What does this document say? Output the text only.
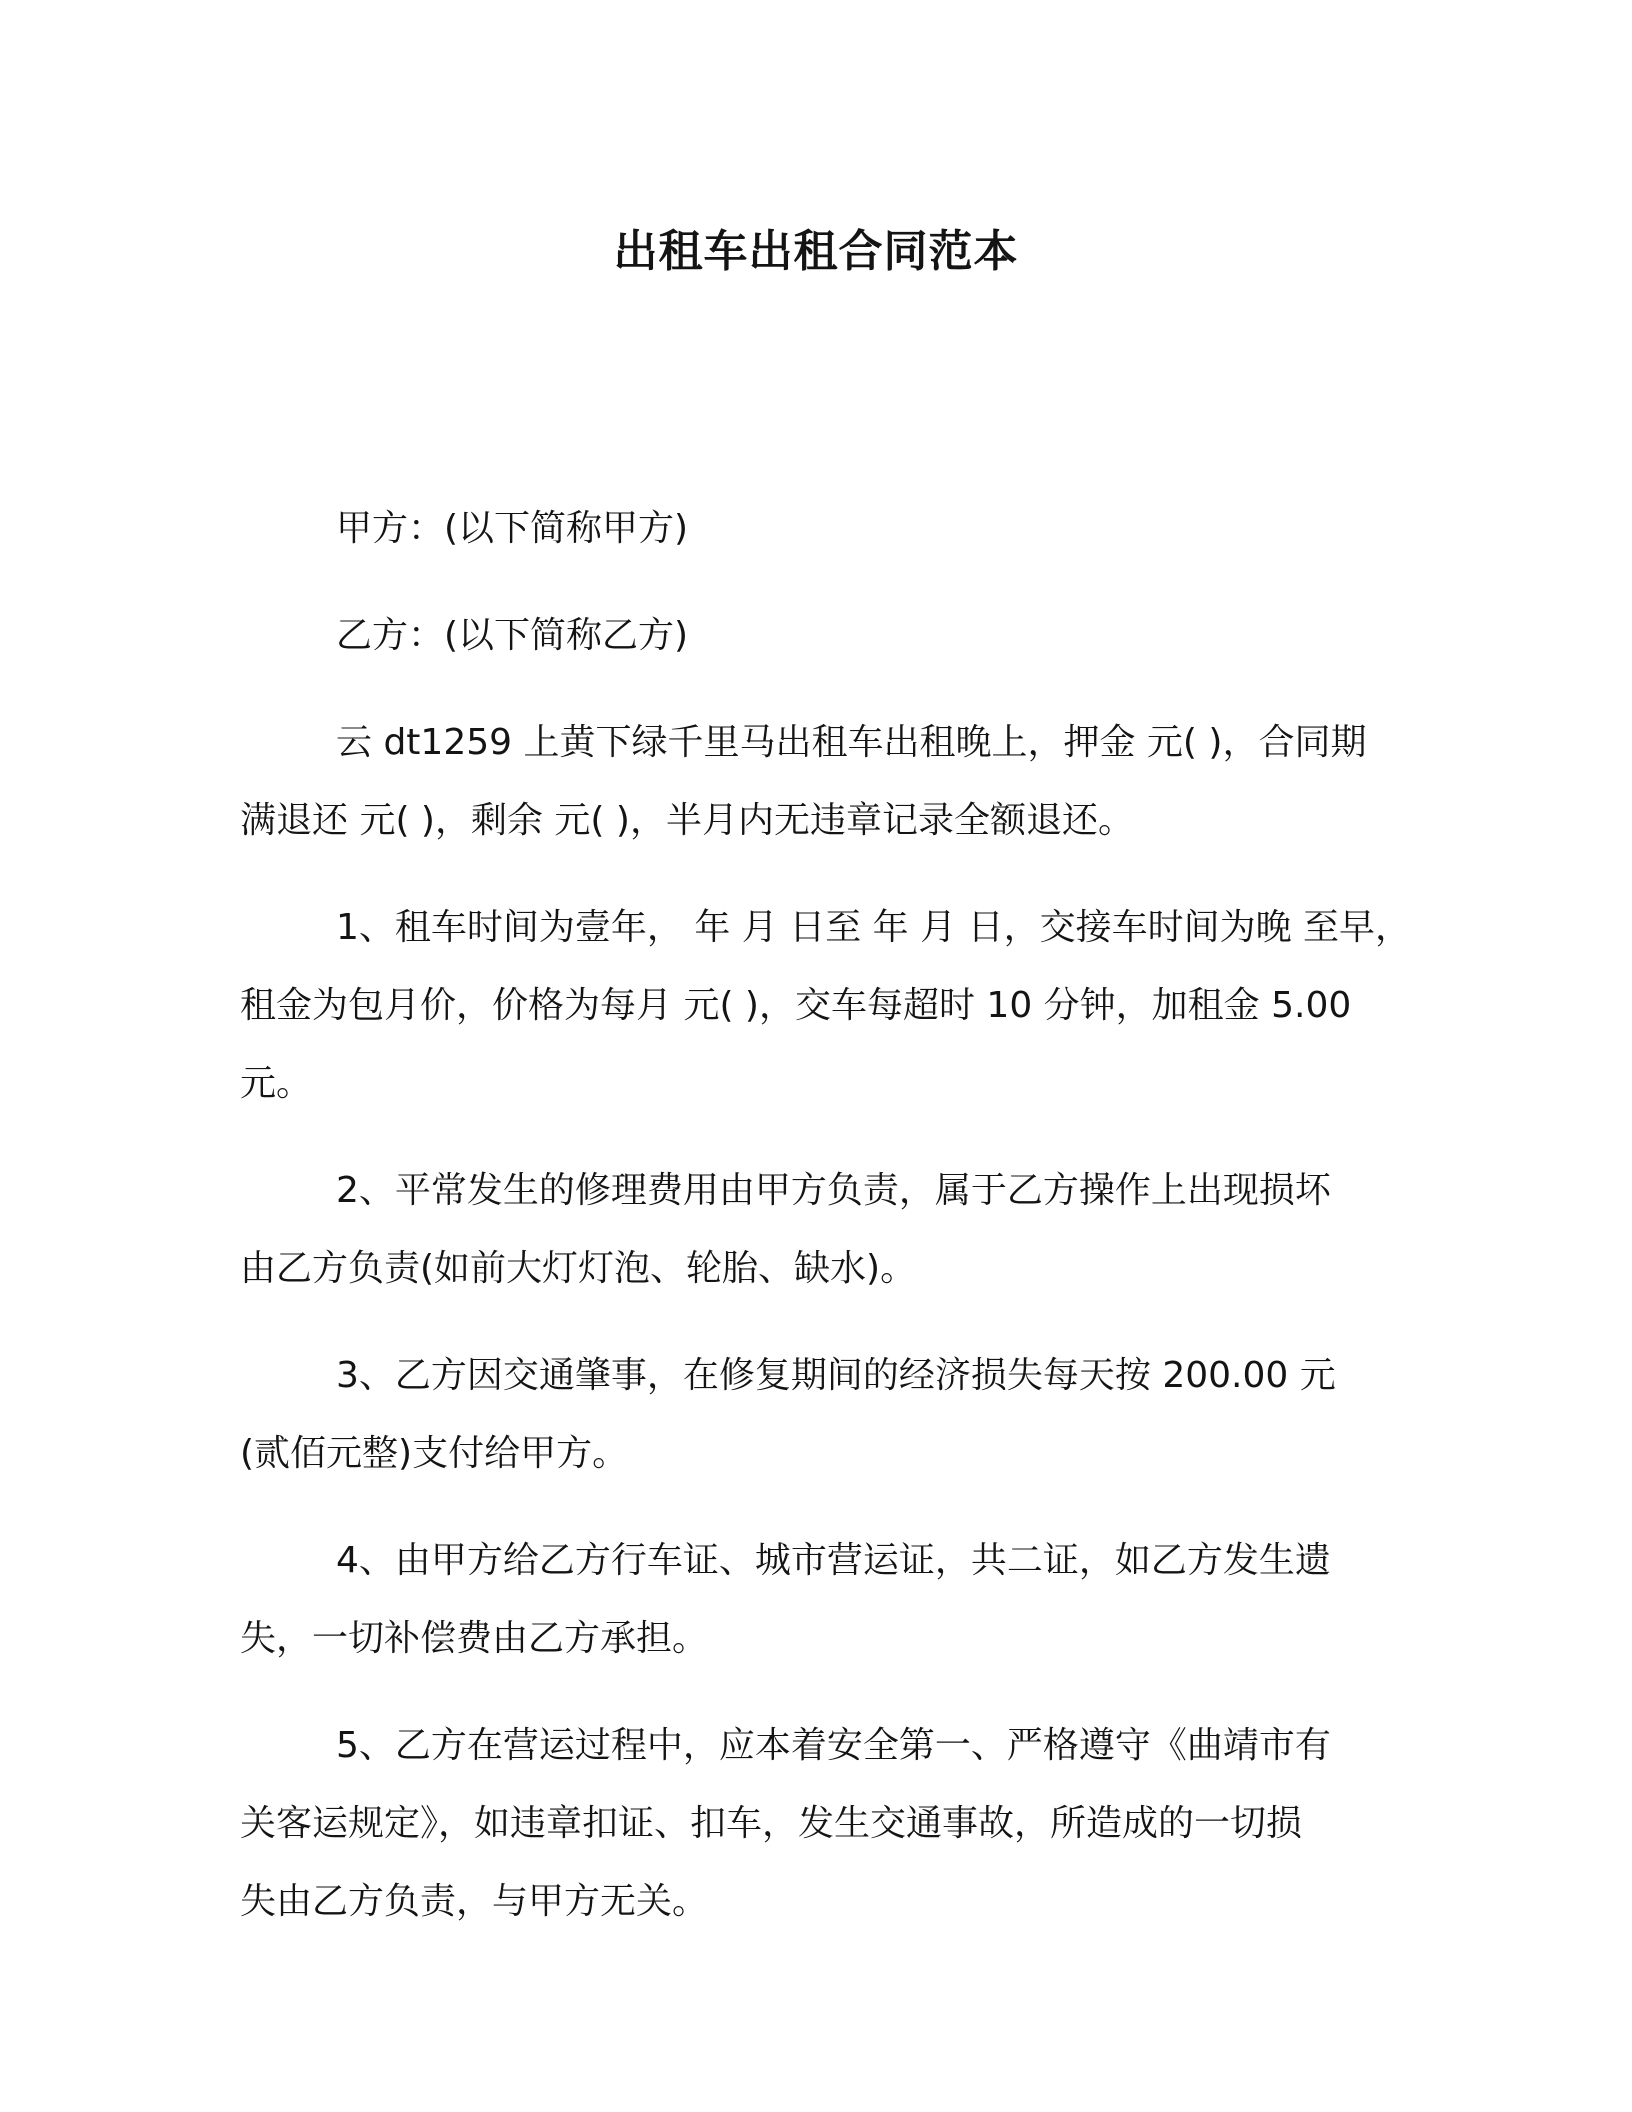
出租车出租合同范本

甲方：(以下简称甲方)

乙方：(以下简称乙方)

云 dt1259 上黄下绿千里马出租车出租晚上，押金 元( )，合同期
满退还 元( )，剩余 元( )，半月内无违章记录全额退还。

1、租车时间为壹年， 年 月 日至 年 月 日，交接车时间为晚 至早，
租金为包月价，价格为每月 元( )，交车每超时 10 分钟，加租金 5.00
元。

2、平常发生的修理费用由甲方负责，属于乙方操作上出现损坏
由乙方负责(如前大灯灯泡、轮胎、缺水)。

3、乙方因交通肇事，在修复期间的经济损失每天按 200.00 元
(贰佰元整)支付给甲方。

4、由甲方给乙方行车证、城市营运证，共二证，如乙方发生遗
失，一切补偿费由乙方承担。

5、乙方在营运过程中，应本着安全第一、严格遵守《曲靖市有
关客运规定》，如违章扣证、扣车，发生交通事故，所造成的一切损
失由乙方负责，与甲方无关。
